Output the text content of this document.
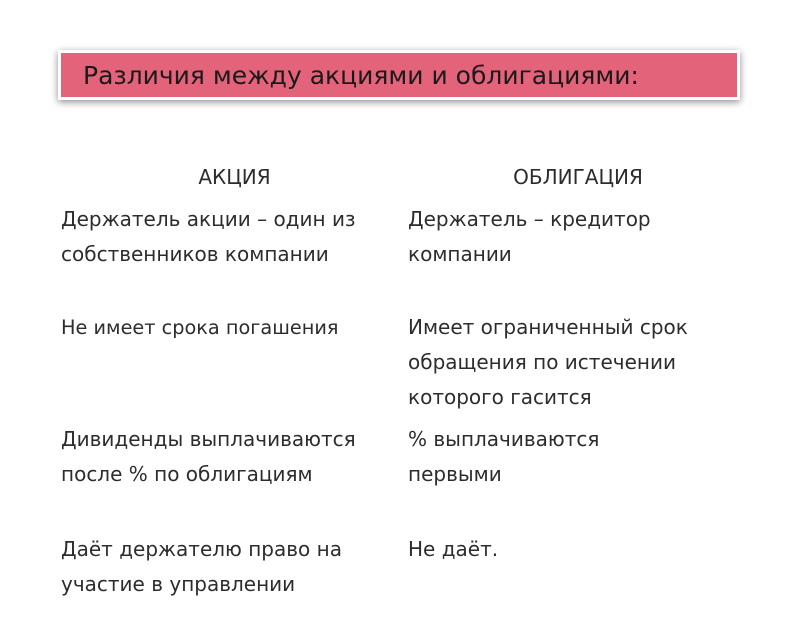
Различия между акциями и облигациями:
АКЦИЯ	ОБЛИГАЦИЯ
Держатель акции – один из собственников компании
Держатель – кредитор компании
Не имеет срока погашения	Имеет ограниченный срок обращения по истечении которого гасится
Дивиденды выплачиваются после % по облигациям
% выплачиваются первыми
Даёт держателю право на участие в управлении
Не даёт.
